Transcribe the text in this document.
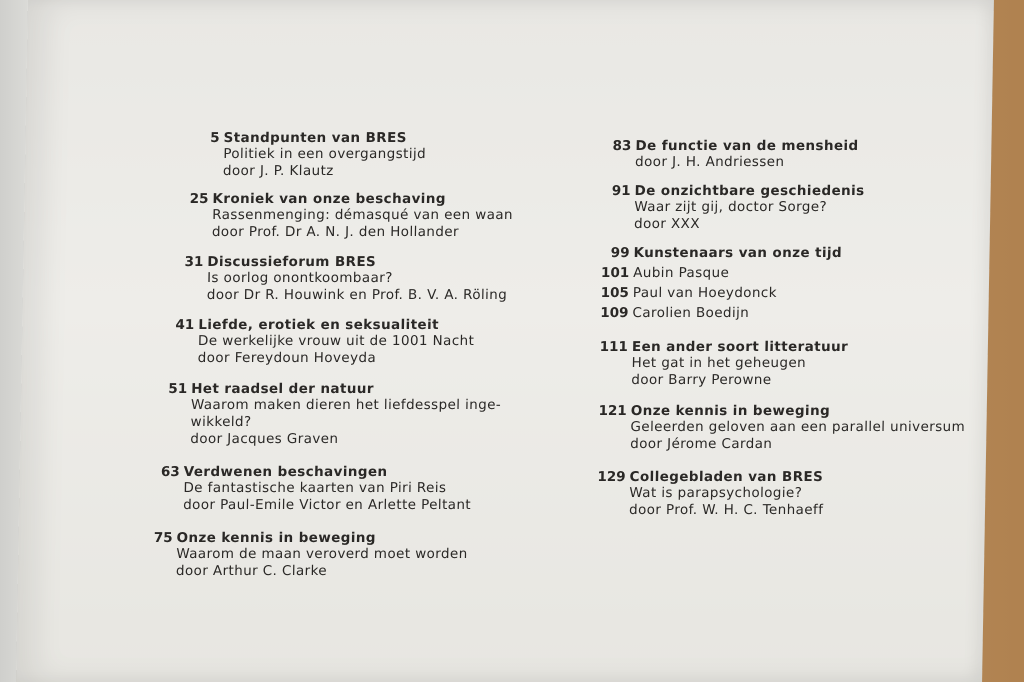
5 Standpunten van BRES
Politiek in een overgangstijd
door J. P. Klautz
25 Kroniek van onze beschaving
Rassenmenging: démasqué van een waan
door Prof. Dr A. N. J. den Hollander
31 Discussieforum BRES
Is oorlog onontkoombaar?
door Dr R. Houwink en Prof. B. V. A. Röling
41 Liefde, erotiek en seksualiteit
De werkelijke vrouw uit de 1001 Nacht
door Fereydoun Hoveyda
51 Het raadsel der natuur
Waarom maken dieren het liefdesspel inge-
wikkeld?
door Jacques Graven
63 Verdwenen beschavingen
De fantastische kaarten van Piri Reis
door Paul-Emile Victor en Arlette Peltant
75 Onze kennis in beweging
Waarom de maan veroverd moet worden
door Arthur C. Clarke
83 De functie van de mensheid
door J. H. Andriessen
91 De onzichtbare geschiedenis
Waar zijt gij, doctor Sorge?
door XXX
99 Kunstenaars van onze tijd
101 Aubin Pasque
105 Paul van Hoeydonck
109 Carolien Boedijn
111 Een ander soort litteratuur
Het gat in het geheugen
door Barry Perowne
121 Onze kennis in beweging
Geleerden geloven aan een parallel universum
door Jérome Cardan
129 Collegebladen van BRES
Wat is parapsychologie?
door Prof. W. H. C. Tenhaeff
